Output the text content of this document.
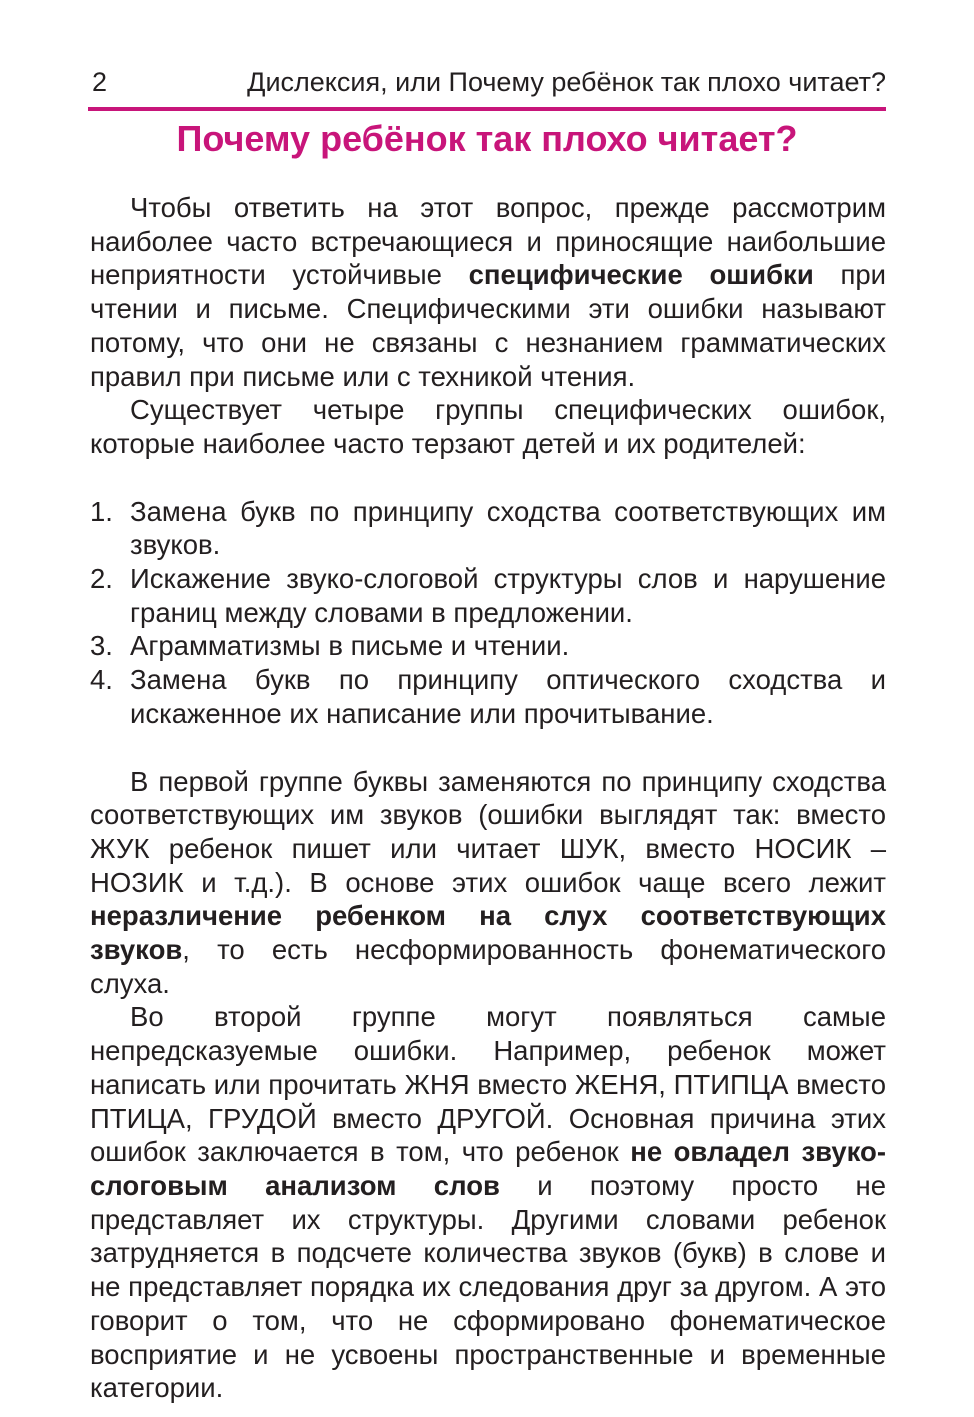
2	Дислексия, или Почему ребёнок так плохо читает?
Почему ребёнок так плохо читает?

Чтобы ответить на этот вопрос, прежде рассмотрим наиболее часто встречающиеся и приносящие наибольшие неприятности устойчивые специфические ошибки при чтении и письме. Специфическими эти ошибки называют потому, что они не связаны с незнанием грамматических правил при письме или с техникой чтения.

Существует четыре группы специфических ошибок, которые наиболее часто терзают детей и их родителей:

1. Замена букв по принципу сходства соответствующих им звуков.
2. Искажение звуко-слоговой структуры слов и нарушение границ между словами в предложении.
3. Аграмматизмы в письме и чтении.
4. Замена букв по принципу оптического сходства и искаженное их написание или прочитывание.

В первой группе буквы заменяются по принципу сходства соответствующих им звуков (ошибки выглядят так: вместо ЖУК ребенок пишет или читает ШУК, вместо НОСИК – НОЗИК и т.д.). В основе этих ошибок чаще всего лежит неразличение ребенком на слух соответствующих звуков, то есть несформированность фонематического слуха.

Во второй группе могут появляться самые непредсказуемые ошибки. Например, ребенок может написать или прочитать ЖНЯ вместо ЖЕНЯ, ПТИПЦА вместо ПТИЦА, ГРУДОЙ вместо ДРУГОЙ. Основная причина этих ошибок заключается в том, что ребенок не овладел звуко-слоговым анализом слов и поэтому просто не представляет их структуры. Другими словами ребенок затрудняется в подсчете количества звуков (букв) в слове и не представляет порядка их следования друг за другом. А это говорит о том, что не сформировано фонематическое восприятие и не усвоены пространственные и временные категории.
